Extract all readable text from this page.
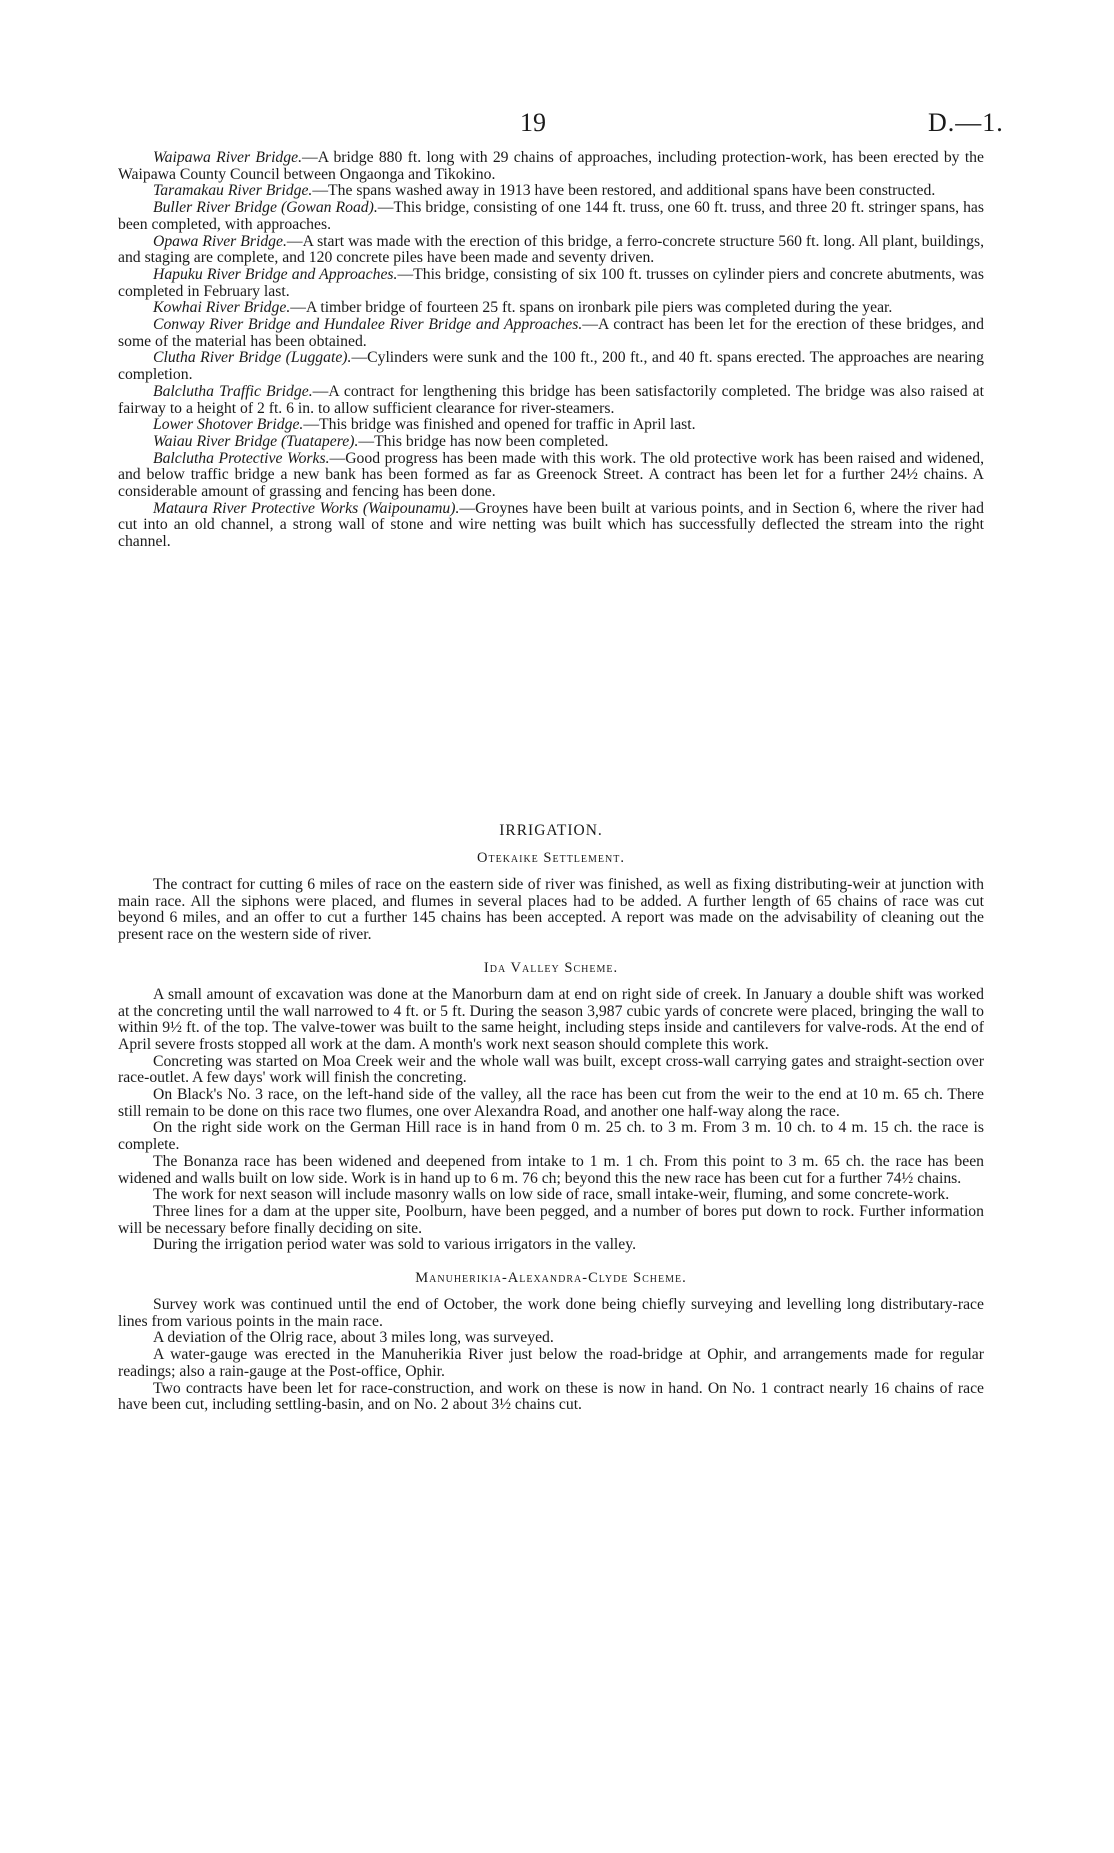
19	D.—1.

Waipawa River Bridge.—A bridge 880 ft. long with 29 chains of approaches, including protection-work, has been erected by the Waipawa County Council between Ongaonga and Tikokino.

Taramakau River Bridge.—The spans washed away in 1913 have been restored, and additional spans have been constructed.

Buller River Bridge (Gowan Road).—This bridge, consisting of one 144 ft. truss, one 60 ft. truss, and three 20 ft. stringer spans, has been completed, with approaches.

Opawa River Bridge.—A start was made with the erection of this bridge, a ferro-concrete structure 560 ft. long. All plant, buildings, and staging are complete, and 120 concrete piles have been made and seventy driven.

Hapuku River Bridge and Approaches.—This bridge, consisting of six 100 ft. trusses on cylinder piers and concrete abutments, was completed in February last.

Kowhai River Bridge.—A timber bridge of fourteen 25 ft. spans on ironbark pile piers was completed during the year.

Conway River Bridge and Hundalee River Bridge and Approaches.—A contract has been let for the erection of these bridges, and some of the material has been obtained.

Clutha River Bridge (Luggate).—Cylinders were sunk and the 100 ft., 200 ft., and 40 ft. spans erected. The approaches are nearing completion.

Balclutha Traffic Bridge.—A contract for lengthening this bridge has been satisfactorily completed. The bridge was also raised at fairway to a height of 2 ft. 6 in. to allow sufficient clearance for river-steamers.

Lower Shotover Bridge.—This bridge was finished and opened for traffic in April last.

Waiau River Bridge (Tuatapere).—This bridge has now been completed.

Balclutha Protective Works.—Good progress has been made with this work. The old protective work has been raised and widened, and below traffic bridge a new bank has been formed as far as Greenock Street. A contract has been let for a further 24½ chains. A considerable amount of grassing and fencing has been done.

Mataura River Protective Works (Waipounamu).—Groynes have been built at various points, and in Section 6, where the river had cut into an old channel, a strong wall of stone and wire netting was built which has successfully deflected the stream into the right channel.

IRRIGATION.
Otekaike Settlement.

The contract for cutting 6 miles of race on the eastern side of river was finished, as well as fixing distributing-weir at junction with main race. All the siphons were placed, and flumes in several places had to be added. A further length of 65 chains of race was cut beyond 6 miles, and an offer to cut a further 145 chains has been accepted. A report was made on the advisability of cleaning out the present race on the western side of river.

Ida Valley Scheme.

A small amount of excavation was done at the Manorburn dam at end on right side of creek. In January a double shift was worked at the concreting until the wall narrowed to 4 ft. or 5 ft. During the season 3,987 cubic yards of concrete were placed, bringing the wall to within 9½ ft. of the top. The valve-tower was built to the same height, including steps inside and cantilevers for valve-rods. At the end of April severe frosts stopped all work at the dam. A month's work next season should complete this work.

Concreting was started on Moa Creek weir and the whole wall was built, except cross-wall carrying gates and straight-section over race-outlet. A few days' work will finish the concreting.

On Black's No. 3 race, on the left-hand side of the valley, all the race has been cut from the weir to the end at 10 m. 65 ch. There still remain to be done on this race two flumes, one over Alexandra Road, and another one half-way along the race.

On the right side work on the German Hill race is in hand from 0 m. 25 ch. to 3 m. From 3 m. 10 ch. to 4 m. 15 ch. the race is complete.

The Bonanza race has been widened and deepened from intake to 1 m. 1 ch. From this point to 3 m. 65 ch. the race has been widened and walls built on low side. Work is in hand up to 6 m. 76 ch; beyond this the new race has been cut for a further 74½ chains.

The work for next season will include masonry walls on low side of race, small intake-weir, fluming, and some concrete-work.

Three lines for a dam at the upper site, Poolburn, have been pegged, and a number of bores put down to rock. Further information will be necessary before finally deciding on site.

During the irrigation period water was sold to various irrigators in the valley.

Manuherikia-Alexandra-Clyde Scheme.

Survey work was continued until the end of October, the work done being chiefly surveying and levelling long distributary-race lines from various points in the main race.

A deviation of the Olrig race, about 3 miles long, was surveyed.

A water-gauge was erected in the Manuherikia River just below the road-bridge at Ophir, and arrangements made for regular readings; also a rain-gauge at the Post-office, Ophir.

Two contracts have been let for race-construction, and work on these is now in hand. On No. 1 contract nearly 16 chains of race have been cut, including settling-basin, and on No. 2 about 3½ chains cut.
